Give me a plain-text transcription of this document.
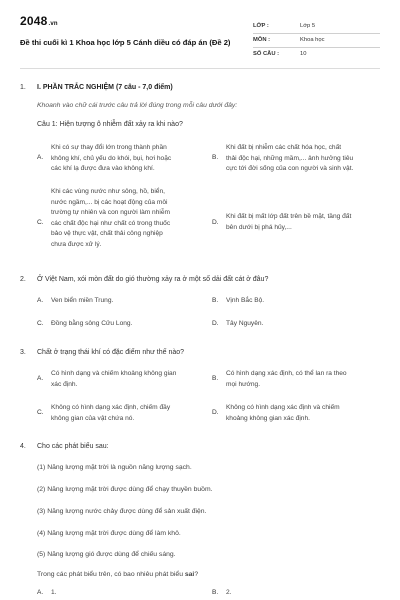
2048.vn
Đề thi cuối kì 1 Khoa học lớp 5 Cánh diều có đáp án (Đề 2)
LỚP :	Lớp 5
MÔN :	Khoa học
SỐ CÂU :	10
1. I. PHẦN TRẮC NGHIỆM (7 câu - 7,0 điểm)
Khoanh vào chữ cái trước câu trả lời đúng trong mỗi câu dưới đây:
Câu 1: Hiện tượng ô nhiễm đất xảy ra khi nào?
A.
Khi có sự thay đổi lớn trong thành phần
không khí, chủ yếu do khói, bụi, hơi hoặc
các khí lạ được đưa vào không khí.
B.
Khi đất bị nhiễm các chất hóa học, chất
thải độc hại, những mầm,... ảnh hưởng tiêu
cực tới đời sống của con người và sinh vật.
C.
Khi các vùng nước như sông, hồ, biển,
nước ngầm,... bị các hoạt động của môi
trường tự nhiên và con người làm nhiễm
các chất độc hại như chất có trong thuốc
bảo vệ thực vật, chất thải công nghiệp
chưa được xử lý.
D.
Khi đất bị mất lớp đất trên bề mặt, tầng đất
bên dưới bị phá hủy,...
2. Ở Việt Nam, xói mòn đất do gió thường xảy ra ở một số dải đất cát ở đâu?
A. Ven biển miền Trung.	B. Vịnh Bắc Bộ.
C. Đồng bằng sông Cửu Long.	D. Tây Nguyên.
3. Chất ở trạng thái khí có đặc điểm như thế nào?
A.
Có hình dạng và chiếm khoảng không gian
xác định.
B.
Có hình dạng xác định, có thể lan ra theo
mọi hướng.
C.
Không có hình dạng xác định, chiếm đầy
không gian của vật chứa nó.
D.
Không có hình dạng xác định và chiếm
khoảng không gian xác định.
4. Cho các phát biểu sau:
(1) Năng lượng mặt trời là nguồn năng lượng sạch.
(2) Năng lượng mặt trời được dùng để chạy thuyền buồm.
(3) Năng lượng nước chảy được dùng để sản xuất điện.
(4) Năng lượng mặt trời được dùng để làm khô.
(5) Năng lượng gió được dùng để chiếu sáng.
Trong các phát biểu trên, có bao nhiêu phát biểu sai?
A. 1.	B. 2.
